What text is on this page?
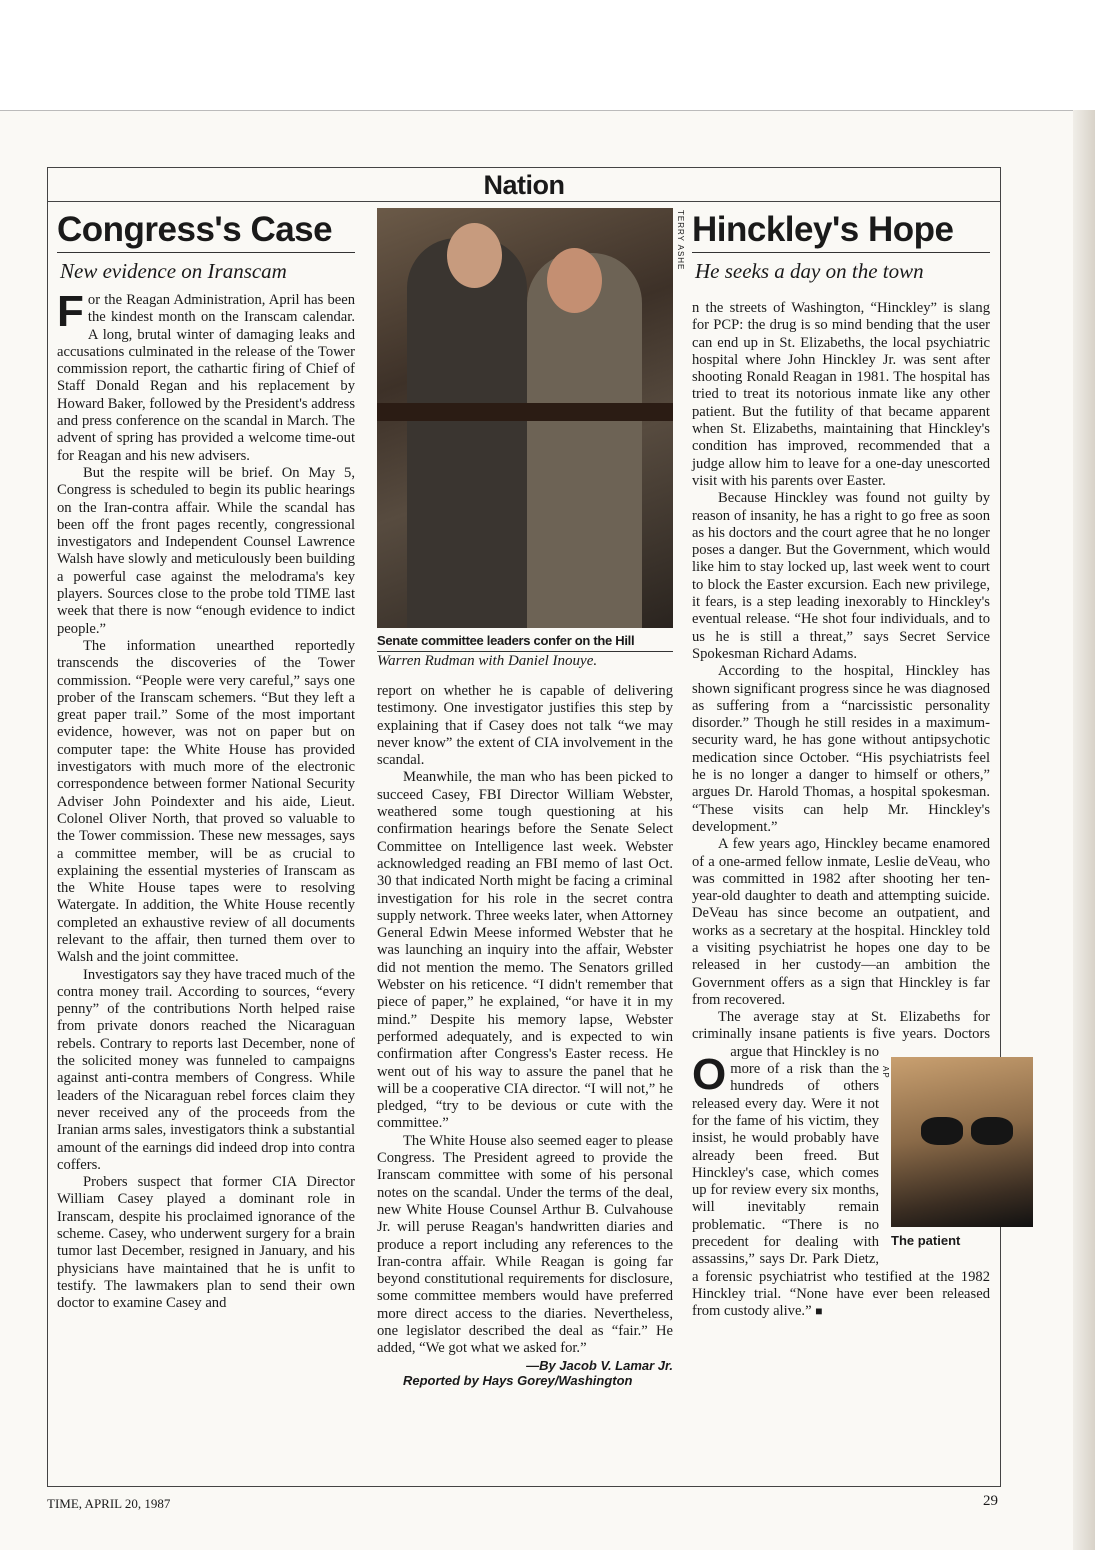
Nation
Congress's Case
New evidence on Iranscam

For the Reagan Administration, April has been the kindest month on the Iranscam calendar. A long, brutal winter of damaging leaks and accusations culminated in the release of the Tower commission report, the cathartic firing of Chief of Staff Donald Regan and his replacement by Howard Baker, followed by the President's address and press conference on the scandal in March. The advent of spring has provided a welcome time-out for Reagan and his new advisers.

But the respite will be brief. On May 5, Congress is scheduled to begin its public hearings on the Iran-contra affair. While the scandal has been off the front pages recently, congressional investigators and Independent Counsel Lawrence Walsh have slowly and meticulously been building a powerful case against the melodrama's key players. Sources close to the probe told TIME last week that there is now “enough evidence to indict people.”

The information unearthed reportedly transcends the discoveries of the Tower commission. “People were very careful,” says one prober of the Iranscam schemers. “But they left a great paper trail.” Some of the most important evidence, however, was not on paper but on computer tape: the White House has provided investigators with much more of the electronic correspondence between former National Security Adviser John Poindexter and his aide, Lieut. Colonel Oliver North, that proved so valuable to the Tower commission. These new messages, says a committee member, will be as crucial to explaining the essential mysteries of Iranscam as the White House tapes were to resolving Watergate. In addition, the White House recently completed an exhaustive review of all documents relevant to the affair, then turned them over to Walsh and the joint committee.

Investigators say they have traced much of the contra money trail. According to sources, “every penny” of the contributions North helped raise from private donors reached the Nicaraguan rebels. Contrary to reports last December, none of the solicited money was funneled to campaigns against anti-contra members of Congress. While leaders of the Nicaraguan rebel forces claim they never received any of the proceeds from the Iranian arms sales, investigators think a substantial amount of the earnings did indeed drop into contra coffers.

Probers suspect that former CIA Director William Casey played a dominant role in Iranscam, despite his proclaimed ignorance of the scheme. Casey, who underwent surgery for a brain tumor last December, resigned in January, and his physicians have maintained that he is unfit to testify. The lawmakers plan to send their own doctor to examine Casey and

TERRY ASHE
Senate committee leaders confer on the Hill
Warren Rudman with Daniel Inouye.

report on whether he is capable of delivering testimony. One investigator justifies this step by explaining that if Casey does not talk “we may never know” the extent of CIA involvement in the scandal.

Meanwhile, the man who has been picked to succeed Casey, FBI Director William Webster, weathered some tough questioning at his confirmation hearings before the Senate Select Committee on Intelligence last week. Webster acknowledged reading an FBI memo of last Oct. 30 that indicated North might be facing a criminal investigation for his role in the secret contra supply network. Three weeks later, when Attorney General Edwin Meese informed Webster that he was launching an inquiry into the affair, Webster did not mention the memo. The Senators grilled Webster on his reticence. “I didn't remember that piece of paper,” he explained, “or have it in my mind.” Despite his memory lapse, Webster performed adequately, and is expected to win confirmation after Congress's Easter recess. He went out of his way to assure the panel that he will be a cooperative CIA director. “I will not,” he pledged, “try to be devious or cute with the committee.”

The White House also seemed eager to please Congress. The President agreed to provide the Iranscam committee with some of his personal notes on the scandal. Under the terms of the deal, new White House Counsel Arthur B. Culvahouse Jr. will peruse Reagan's handwritten diaries and produce a report including any references to the Iran-contra affair. While Reagan is going far beyond constitutional requirements for disclosure, some committee members would have preferred more direct access to the diaries. Nevertheless, one legislator described the deal as “fair.” He added, “We got what we asked for.”

—By Jacob V. Lamar Jr.

Reported by Hays Gorey/Washington

Hinckley's Hope
He seeks a day on the town
The patient

O
n the streets of Washington, “Hinckley” is slang for PCP: the drug is so mind bending that the user can end up in St. Elizabeths, the local psychiatric hospital where John Hinckley Jr. was sent after shooting Ronald Reagan in 1981. The hospital has tried to treat its notorious inmate like any other patient. But the futility of that became apparent when St. Elizabeths, maintaining that Hinckley's condition has improved, recommended that a judge allow him to leave for a one-day unescorted visit with his parents over Easter.

Because Hinckley was found not guilty by reason of insanity, he has a right to go free as soon as his doctors and the court agree that he no longer poses a danger. But the Government, which would like him to stay locked up, last week went to court to block the Easter excursion. Each new privilege, it fears, is a step leading inexorably to Hinckley's eventual release. “He shot four individuals, and to us he is still a threat,” says Secret Service Spokesman Richard Adams.

According to the hospital, Hinckley has shown significant progress since he was diagnosed as suffering from a “narcissistic personality disorder.” Though he still resides in a maximum-security ward, he has gone without antipsychotic medication since October. “His psychiatrists feel he is no longer a danger to himself or others,” argues Dr. Harold Thomas, a hospital spokesman. “These visits can help Mr. Hinckley's development.”

A few years ago, Hinckley became enamored of a one-armed fellow inmate, Leslie deVeau, who was committed in 1982 after shooting her ten-year-old daughter to death and attempting suicide. DeVeau has since become an outpatient, and works as a secretary at the hospital. Hinckley told a visiting psychiatrist he hopes one day to be released in her custody—an ambition the Government offers as a sign that Hinckley is far from recovered.

The average stay at St. Elizabeths for criminally insane patients is five years. Doctors argue that Hinckley is no more of a risk than the hundreds of others released every day. Were it not for the fame of his victim, they insist, he would probably have already been freed. But Hinckley's case, which comes up for review every six months, will inevitably remain problematic. “There is no precedent for dealing with assassins,” says Dr. Park Dietz, a forensic psychiatrist who testified at the 1982 Hinckley trial. “None have ever been released from custody alive.” ■

AP
TIME, APRIL 20, 1987	29
